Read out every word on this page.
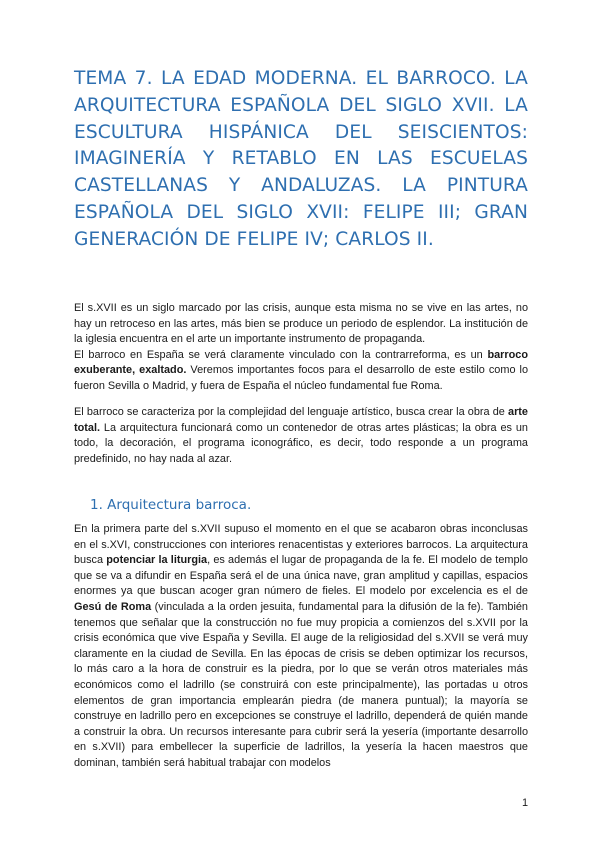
TEMA 7. LA EDAD MODERNA. EL BARROCO. LA ARQUITECTURA ESPAÑOLA DEL SIGLO XVII. LA ESCULTURA HISPÁNICA DEL SEISCIENTOS: IMAGINERÍA Y RETABLO EN LAS ESCUELAS CASTELLANAS Y ANDALUZAS. LA PINTURA ESPAÑOLA DEL SIGLO XVII: FELIPE III; GRAN GENERACIÓN DE FELIPE IV; CARLOS II.
El s.XVII es un siglo marcado por las crisis, aunque esta misma no se vive en las artes, no hay un retroceso en las artes, más bien se produce un periodo de esplendor. La institución de la iglesia encuentra en el arte un importante instrumento de propaganda.
El barroco en España se verá claramente vinculado con la contrarreforma, es un barroco exuberante, exaltado. Veremos importantes focos para el desarrollo de este estilo como lo fueron Sevilla o Madrid, y fuera de España el núcleo fundamental fue Roma.
El barroco se caracteriza por la complejidad del lenguaje artístico, busca crear la obra de arte total. La arquitectura funcionará como un contenedor de otras artes plásticas; la obra es un todo, la decoración, el programa iconográfico, es decir, todo responde a un programa predefinido, no hay nada al azar.
1. Arquitectura barroca.
En la primera parte del s.XVII supuso el momento en el que se acabaron obras inconclusas en el s.XVI, construcciones con interiores renacentistas y exteriores barrocos. La arquitectura busca potenciar la liturgia, es además el lugar de propaganda de la fe. El modelo de templo que se va a difundir en España será el de una única nave, gran amplitud y capillas, espacios enormes ya que buscan acoger gran número de fieles. El modelo por excelencia es el de Gesú de Roma (vinculada a la orden jesuita, fundamental para la difusión de la fe). También tenemos que señalar que la construcción no fue muy propicia a comienzos del s.XVII por la crisis económica que vive España y Sevilla. El auge de la religiosidad del s.XVII se verá muy claramente en la ciudad de Sevilla. En las épocas de crisis se deben optimizar los recursos, lo más caro a la hora de construir es la piedra, por lo que se verán otros materiales más económicos como el ladrillo (se construirá con este principalmente), las portadas u otros elementos de gran importancia emplearán piedra (de manera puntual); la mayoría se construye en ladrillo pero en excepciones se construye el ladrillo, dependerá de quién mande a construir la obra. Un recursos interesante para cubrir será la yesería (importante desarrollo en s.XVII) para embellecer la superficie de ladrillos, la yesería la hacen maestros que dominan, también será habitual trabajar con modelos
1
